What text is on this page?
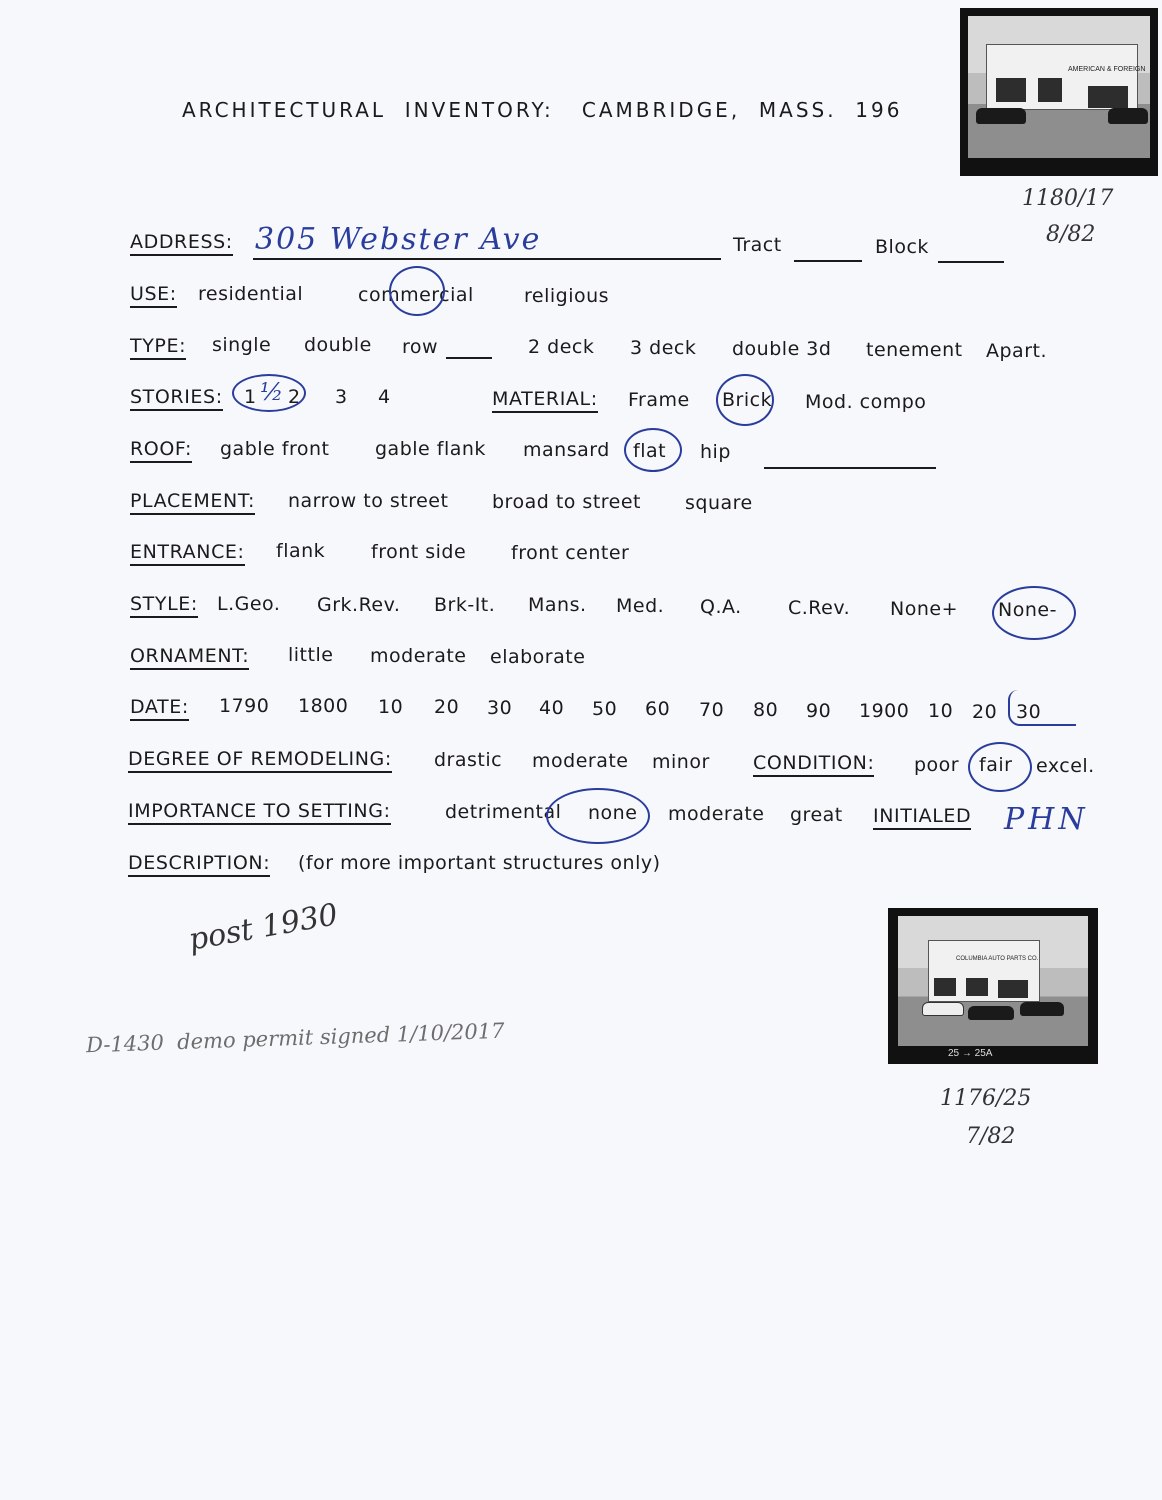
AMERICAN & FOREIGN
1180/17
8/82
ARCHITECTURAL  INVENTORY:   CAMBRIDGE,  MASS.  196
ADDRESS: 305 Webster Ave	Tract	Block
USE: residential	commercial	religious
TYPE: single double row	2 deck 3 deck double 3d tenement Apart.
STORIES: 1 ½ 2 3 4	MATERIAL: Frame Brick Mod. compo
ROOF: gable front gable flank mansard flat hip
PLACEMENT: narrow to street broad to street square
ENTRANCE: flank front side front center
STYLE: L.Geo. Grk.Rev. Brk-It. Mans. Med. Q.A. C.Rev. None+ None-
ORNAMENT: little moderate elaborate
DATE: 1790 1800 10 20 30 40 50 60 70 80 90 1900 10 20 30
DEGREE OF REMODELING: drastic moderate minor CONDITION: poor fair excel.
IMPORTANCE TO SETTING:	detrimental none moderate great INITIALED PHN
DESCRIPTION: (for more important structures only)
post 1930
D-1430  demo permit signed 1/10/2017
COLUMBIA AUTO PARTS CO.
25 → 25A
1176/25
7/82
